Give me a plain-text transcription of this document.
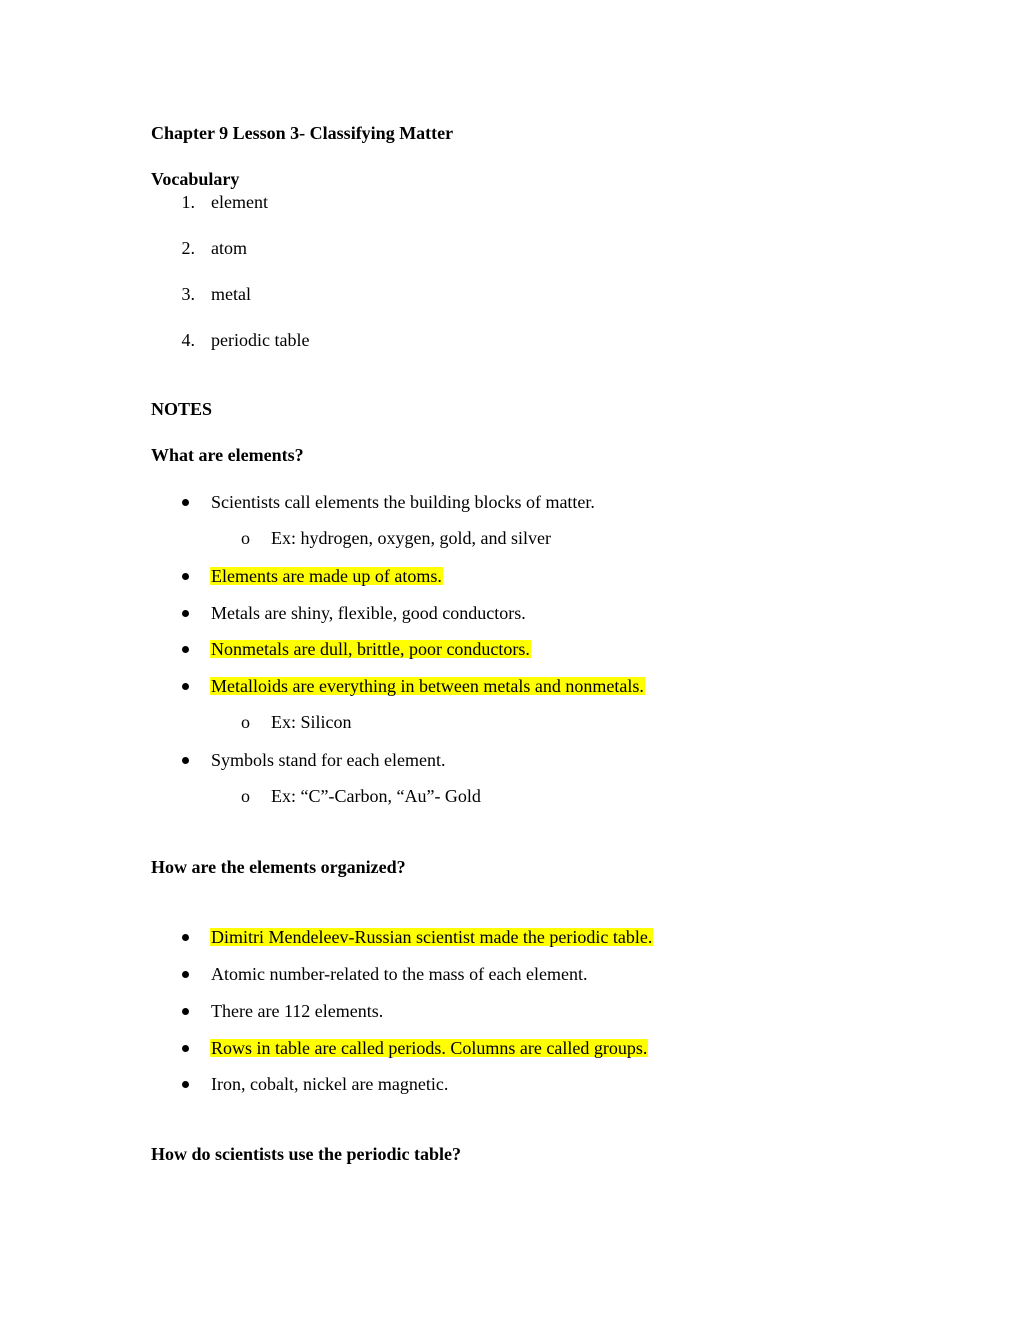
Chapter 9 Lesson 3- Classifying Matter
Vocabulary
1. element
2. atom
3. metal
4. periodic table
NOTES
What are elements?
Scientists call elements the building blocks of matter.
o Ex: hydrogen, oxygen, gold, and silver
Elements are made up of atoms.
Metals are shiny, flexible, good conductors.
Nonmetals are dull, brittle, poor conductors.
Metalloids are everything in between metals and nonmetals.
o Ex: Silicon
Symbols stand for each element.
o Ex: “C”-Carbon, “Au”- Gold
How are the elements organized?
Dimitri Mendeleev-Russian scientist made the periodic table.
Atomic number-related to the mass of each element.
There are 112 elements.
Rows in table are called periods. Columns are called groups.
Iron, cobalt, nickel are magnetic.
How do scientists use the periodic table?
